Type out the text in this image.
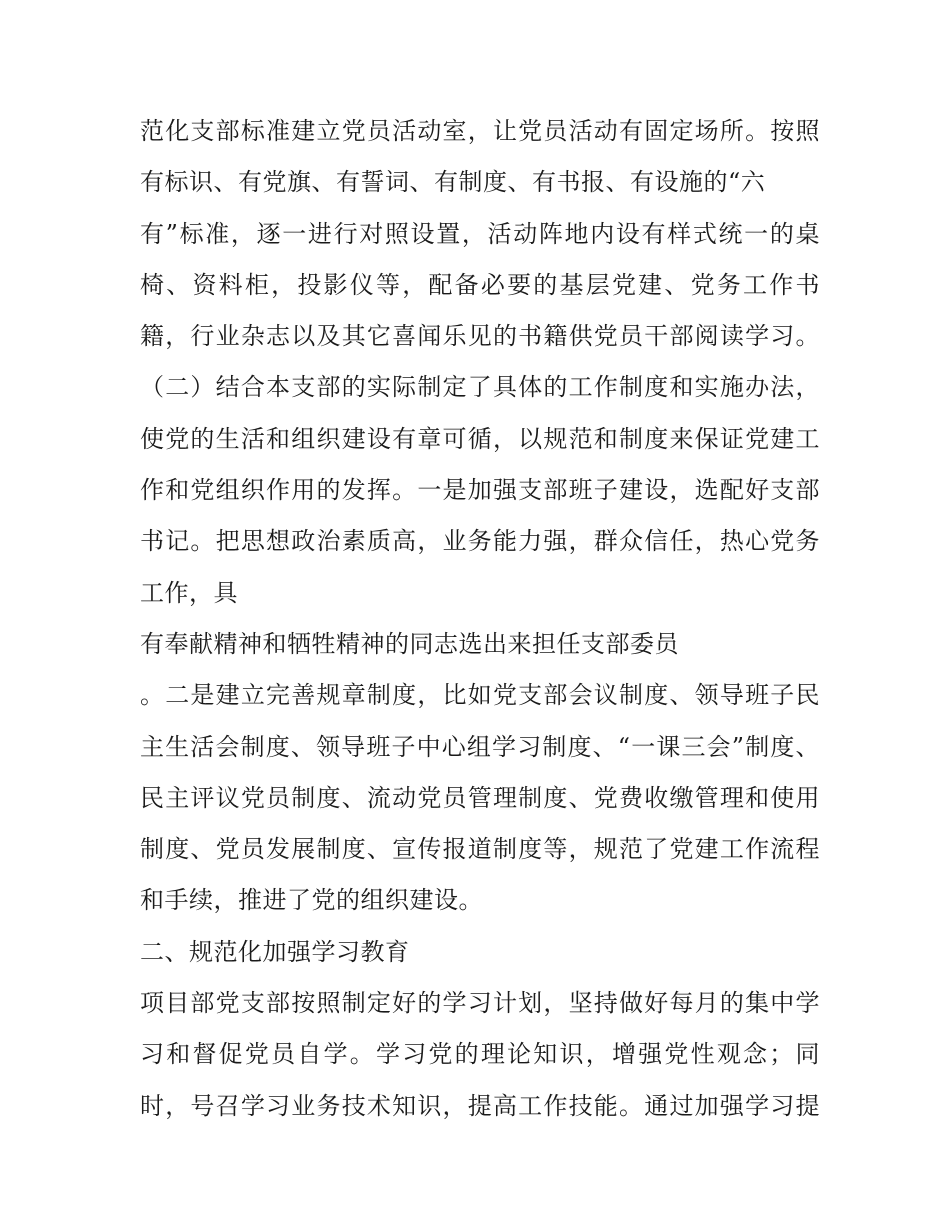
范化支部标准建立党员活动室，让党员活动有固定场所。按照
有标识、有党旗、有誓词、有制度、有书报、有设施的“六
有”标准，逐一进行对照设置，活动阵地内设有样式统一的桌
椅、资料柜，投影仪等，配备必要的基层党建、党务工作书
籍，行业杂志以及其它喜闻乐见的书籍供党员干部阅读学习。
（二）结合本支部的实际制定了具体的工作制度和实施办法，
使党的生活和组织建设有章可循，以规范和制度来保证党建工
作和党组织作用的发挥。一是加强支部班子建设，选配好支部
书记。把思想政治素质高，业务能力强，群众信任，热心党务
工作，具
有奉献精神和牺牲精神的同志选出来担任支部委员
。二是建立完善规章制度，比如党支部会议制度、领导班子民
主生活会制度、领导班子中心组学习制度、“一课三会”制度、
民主评议党员制度、流动党员管理制度、党费收缴管理和使用
制度、党员发展制度、宣传报道制度等，规范了党建工作流程
和手续，推进了党的组织建设。
二、规范化加强学习教育
项目部党支部按照制定好的学习计划，坚持做好每月的集中学
习和督促党员自学。学习党的理论知识，增强党性观念；同
时，号召学习业务技术知识，提高工作技能。通过加强学习提
